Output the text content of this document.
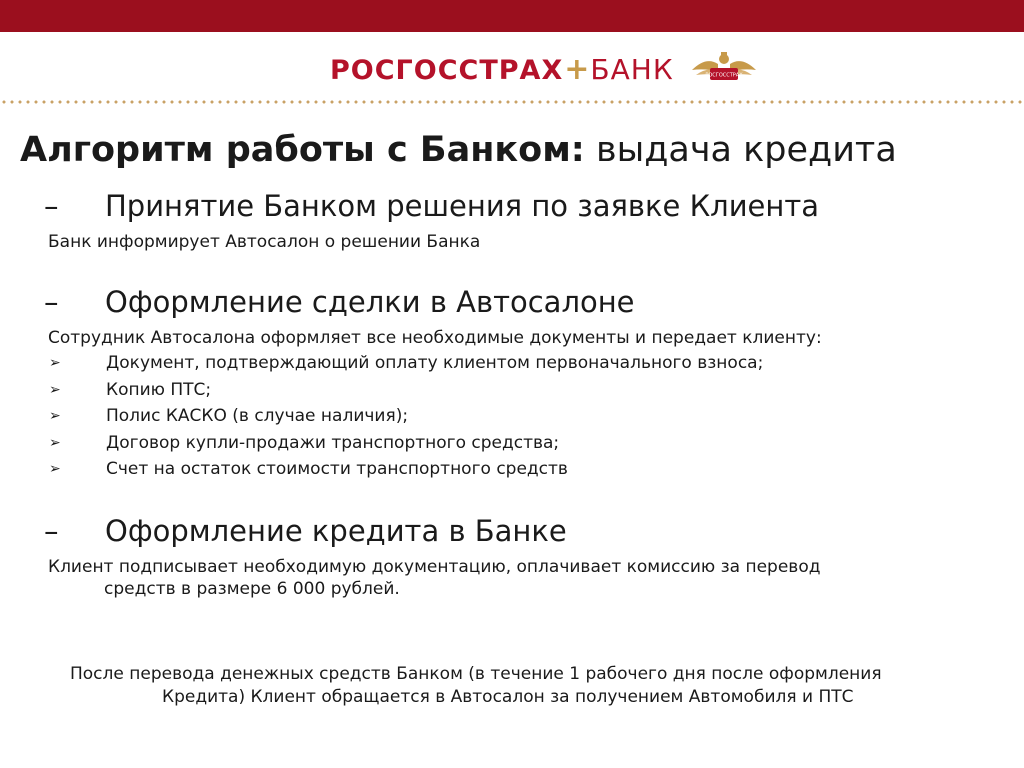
РОСГОССТРАХ + БАНК	РОСГОССТРАХ
Алгоритм работы с Банком: выдача кредита
– Принятие Банком решения по заявке Клиента
Банк информирует Автосалон о решении Банка
– Оформление сделки в Автосалоне
Сотрудник Автосалона оформляет все необходимые документы и передает клиенту:
➢	Документ, подтверждающий оплату клиентом первоначального взноса;
➢	Копию ПТС;
➢	Полис КАСКО (в случае наличия);
➢	Договор купли-продажи транспортного средства;
➢	Счет на остаток стоимости транспортного средств
– Оформление кредита в Банке
Клиент подписывает необходимую документацию, оплачивает комиссию за перевод
средств в размере 6 000 рублей.
После перевода денежных средств Банком (в течение 1 рабочего дня после оформления
Кредита) Клиент обращается в Автосалон за получением Автомобиля и ПТС
